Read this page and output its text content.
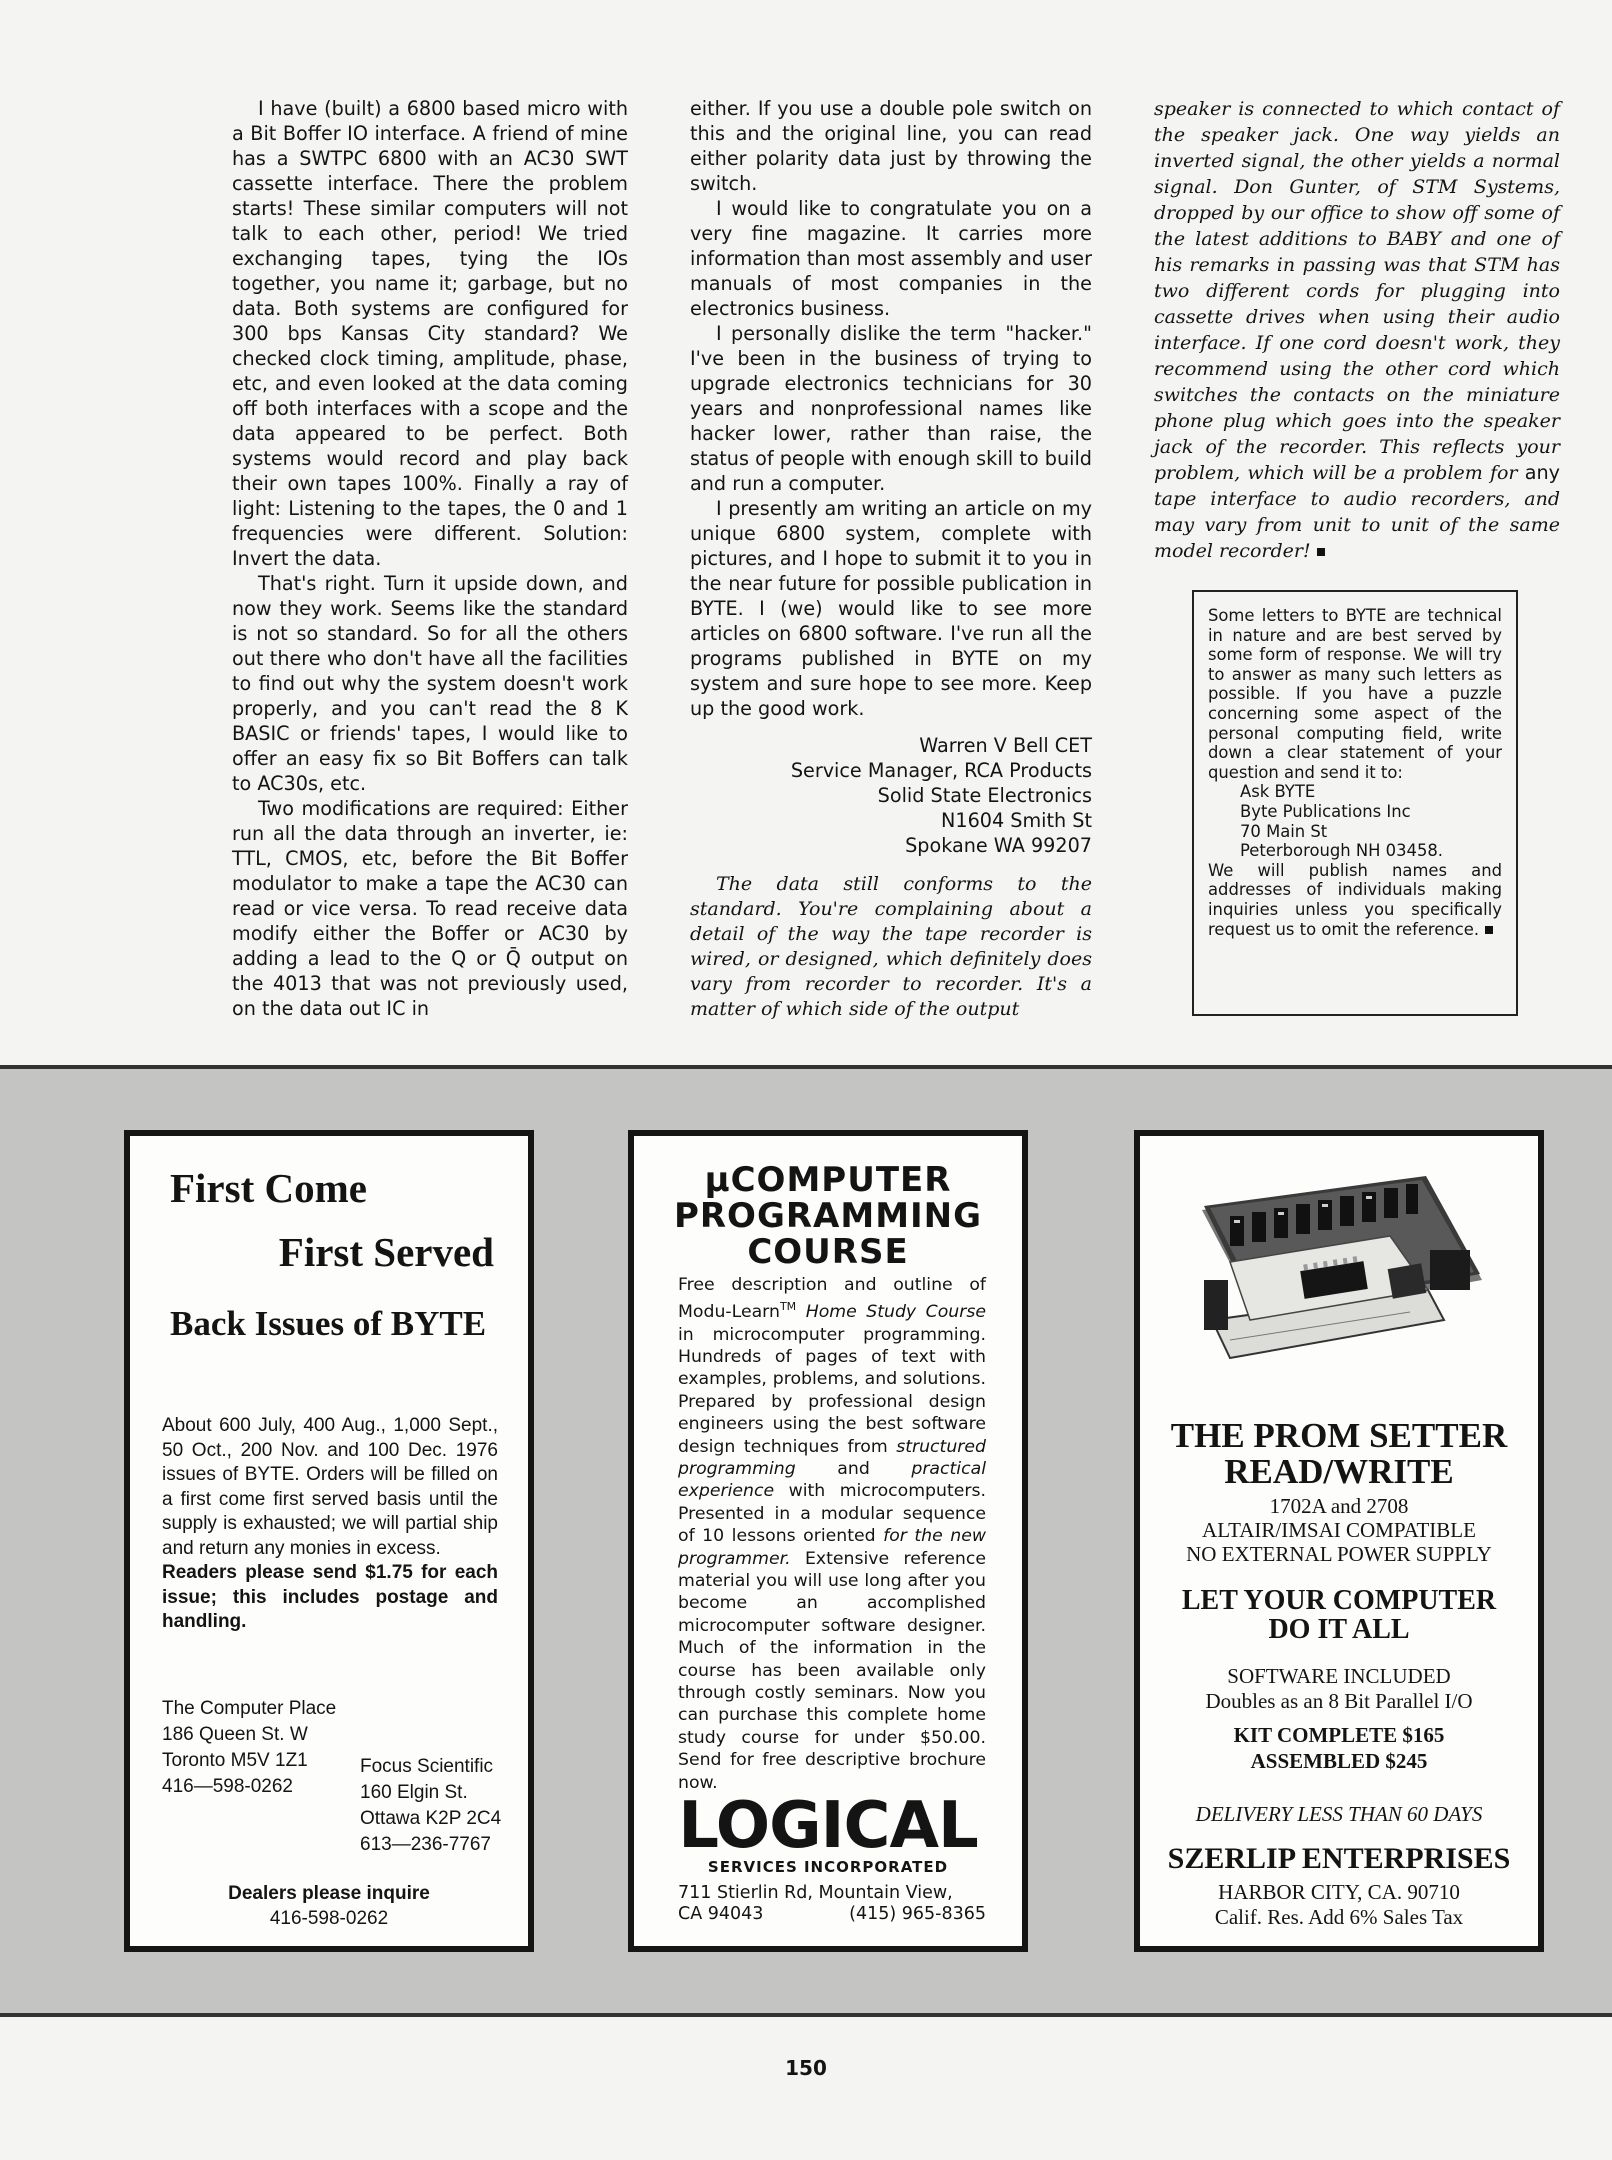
I have (built) a 6800 based micro with a Bit Boffer IO interface. A friend of mine has a SWTPC 6800 with an AC30 SWT cassette interface. There the problem starts! These similar computers will not talk to each other, period! We tried exchanging tapes, tying the IOs together, you name it; garbage, but no data. Both systems are configured for 300 bps Kansas City standard? We checked clock timing, amplitude, phase, etc, and even looked at the data coming off both interfaces with a scope and the data appeared to be perfect. Both systems would record and play back their own tapes 100%. Finally a ray of light: Listening to the tapes, the 0 and 1 frequencies were different. Solution: Invert the data.

That's right. Turn it upside down, and now they work. Seems like the standard is not so standard. So for all the others out there who don't have all the facilities to find out why the system doesn't work properly, and you can't read the 8 K BASIC or friends' tapes, I would like to offer an easy fix so Bit Boffers can talk to AC30s, etc.

Two modifications are required: Either run all the data through an inverter, ie: TTL, CMOS, etc, before the Bit Boffer modulator to make a tape the AC30 can read or vice versa. To read receive data modify either the Boffer or AC30 by adding a lead to the Q or Q̄ output on the 4013 that was not previously used, on the data out IC in

either. If you use a double pole switch on this and the original line, you can read either polarity data just by throwing the switch.

I would like to congratulate you on a very fine magazine. It carries more information than most assembly and user manuals of most companies in the electronics business.

I personally dislike the term "hacker." I've been in the business of trying to upgrade electronics technicians for 30 years and nonprofessional names like hacker lower, rather than raise, the status of people with enough skill to build and run a computer.

I presently am writing an article on my unique 6800 system, complete with pictures, and I hope to submit it to you in the near future for possible publication in BYTE. I (we) would like to see more articles on 6800 software. I've run all the programs published in BYTE on my system and sure hope to see more. Keep up the good work.

Warren V Bell CET
Service Manager, RCA Products
Solid State Electronics
N1604 Smith St
Spokane WA 99207

The data still conforms to the standard. You're complaining about a detail of the way the tape recorder is wired, or designed, which definitely does vary from recorder to recorder. It's a matter of which side of the output

speaker is connected to which contact of the speaker jack. One way yields an inverted signal, the other yields a normal signal. Don Gunter, of STM Systems, dropped by our office to show off some of the latest additions to BABY and one of his remarks in passing was that STM has two different cords for plugging into cassette drives when using their audio interface. If one cord doesn't work, they recommend using the other cord which switches the contacts on the miniature phone plug which goes into the speaker jack of the recorder. This reflects your problem, which will be a problem for any tape interface to audio recorders, and may vary from unit to unit of the same model recorder!

Some letters to BYTE are technical in nature and are best served by some form of response. We will try to answer as many such letters as possible. If you have a puzzle concerning some aspect of the personal computing field, write down a clear statement of your question and send it to:

Ask BYTE
Byte Publications Inc
70 Main St
Peterborough NH 03458.

We will publish names and addresses of individuals making inquiries unless you specifically request us to omit the reference.

First Come
First Served
Back Issues of BYTE
About 600 July, 400 Aug., 1,000 Sept., 50 Oct., 200 Nov. and 100 Dec. 1976 issues of BYTE. Orders will be filled on a first come first served basis until the supply is exhausted; we will partial ship and return any monies in excess.
Readers please send $1.75 for each issue; this includes postage and handling.
The Computer Place
186 Queen St. W
Toronto M5V 1Z1
416—598-0262
Focus Scientific
160 Elgin St.
Ottawa K2P 2C4
613—236-7767
Dealers please inquire
416-598-0262
µCOMPUTER
PROGRAMMING
COURSE
Free description and outline of Modu-Learn™ Home Study Course in microcomputer programming. Hundreds of pages of text with examples, problems, and solutions. Prepared by professional design engineers using the best software design techniques from structured programming and practical experience with microcomputers. Presented in a modular sequence of 10 lessons oriented for the new programmer. Extensive reference material you will use long after you become an accomplished microcomputer software designer. Much of the information in the course has been available only through costly seminars. Now you can purchase this complete home study course for under $50.00. Send for free descriptive brochure now.
LOGICAL
SERVICES INCORPORATED
711 Stierlin Rd, Mountain View,
CA 94043	(415) 965-8365
THE PROM SETTER
READ/WRITE
1702A and 2708
ALTAIR/IMSAI COMPATIBLE
NO EXTERNAL POWER SUPPLY
LET YOUR COMPUTER
DO IT ALL
SOFTWARE INCLUDED
Doubles as an 8 Bit Parallel I/O
KIT COMPLETE $165
ASSEMBLED $245
DELIVERY LESS THAN 60 DAYS
SZERLIP ENTERPRISES
HARBOR CITY, CA. 90710
Calif. Res. Add 6% Sales Tax
150
